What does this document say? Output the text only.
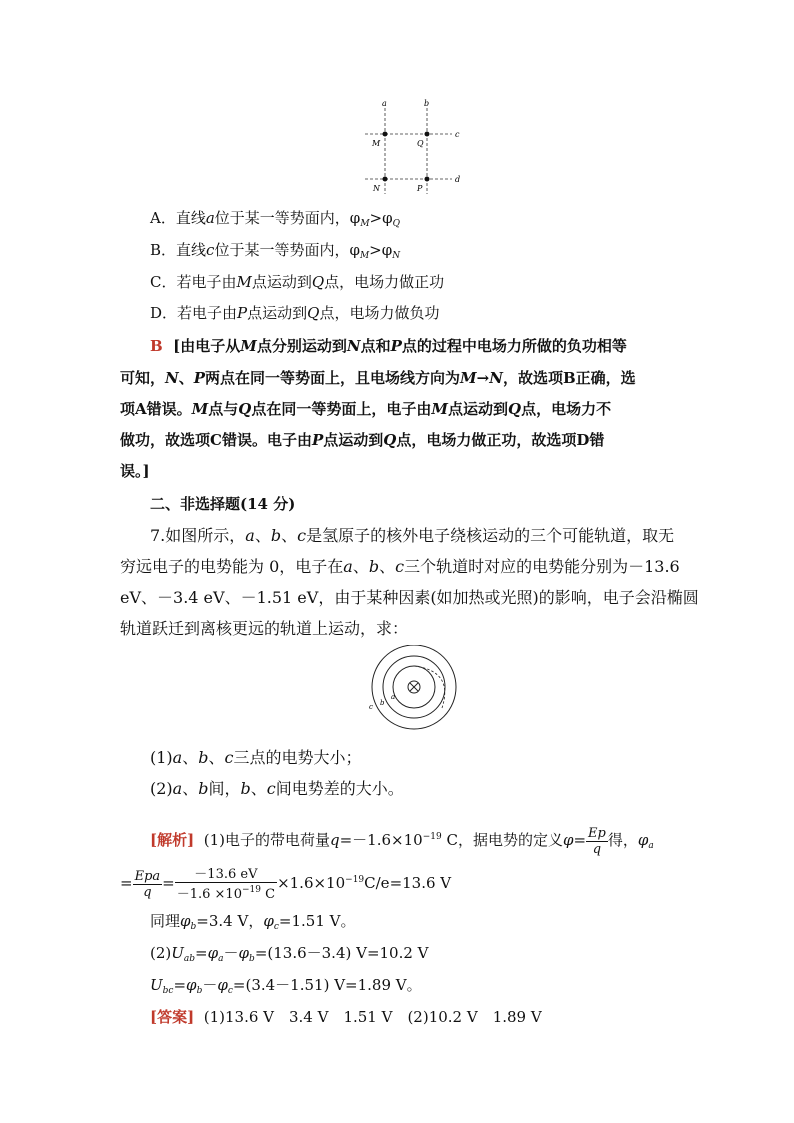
a	b
c
d
M	Q
N	P
A．直线a位于某一等势面内，$\varphi_M>\varphi_Q$
B．直线c位于某一等势面内，$\varphi_M>\varphi_N$
C．若电子由M点运动到Q点，电场力做正功
D．若电子由P点运动到Q点，电场力做负功
B [由电子从M点分别运动到N点和P点的过程中电场力所做的负功相等
可知，N、P两点在同一等势面上，且电场线方向为M→N，故选项B正确，选
项A错误。M点与Q点在同一等势面上，电子由M点运动到Q点，电场力不
做功，故选项C错误。电子由P点运动到Q点，电场力做正功，故选项D错
误。]
二、非选择题(14 分)
7.如图所示，a、b、c是氢原子的核外电子绕核运动的三个可能轨道，取无
穷远电子的电势能为 0，电子在a、b、c三个轨道时对应的电势能分别为－13.6
eV、－3.4 eV、－1.51 eV，由于某种因素(如加热或光照)的影响，电子会沿椭圆
轨道跃迁到离核更远的轨道上运动，求：
a
b
c
(1)a、b、c三点的电势大小；
(2)a、b间，b、c间电势差的大小。
[解析] (1)电子的带电荷量$q=-1.6\times 10^{-19}$ C，据电势的定义$\varphi= \frac{Ep}{q}$ 得，$\varphi_a$
= $\frac{\text{Epa}}{q} = \frac{-13.6 eV}{-1.6 \times 10^{-19} C} \times 1.6\times 10^{-19}C/e=13.6$ V
同理$\varphi_b=3.4$ V，$\varphi_c=1.51$ V。
$(2)U_{ab}=\varphi_a-\varphi_b=(13.6-3.4)$ V=10.2 V
$U_{bc}=\varphi_b-\varphi_c=(3.4-1.51)$ V=1.89 V。
[答案] (1)13.6 V　3.4 V　1.51 V　(2)10.2 V　1.89 V
